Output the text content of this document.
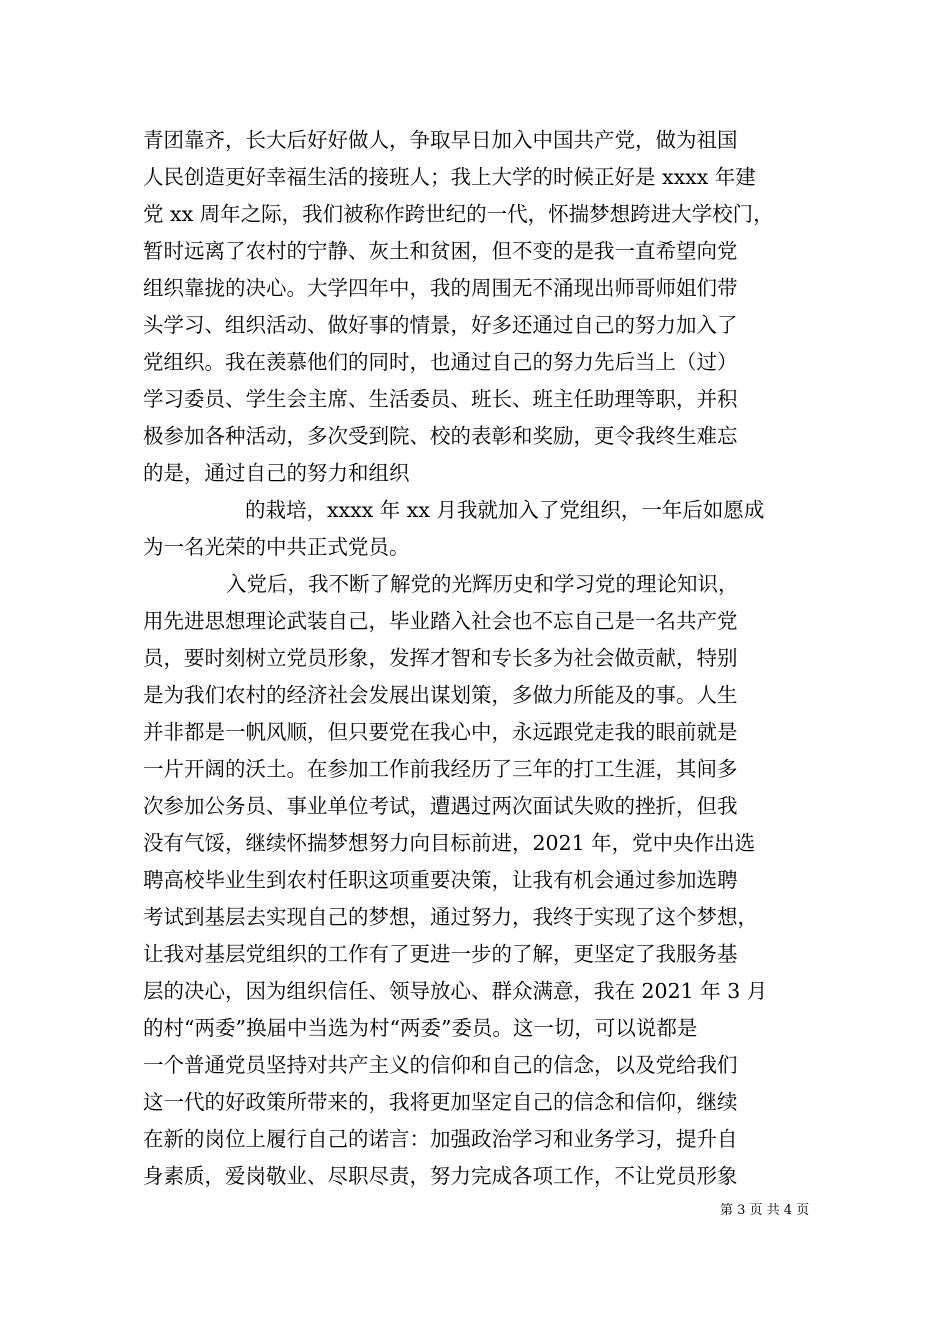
青团靠齐，长大后好好做人，争取早日加入中国共产党，做为祖国
人民创造更好幸福生活的接班人；我上大学的时候正好是 xxxx 年建
党 xx 周年之际，我们被称作跨世纪的一代，怀揣梦想跨进大学校门，
暂时远离了农村的宁静、灰土和贫困，但不变的是我一直希望向党
组织靠拢的决心。大学四年中，我的周围无不涌现出师哥师姐们带
头学习、组织活动、做好事的情景，好多还通过自己的努力加入了
党组织。我在羡慕他们的同时，也通过自己的努力先后当上（过）
学习委员、学生会主席、生活委员、班长、班主任助理等职，并积
极参加各种活动，多次受到院、校的表彰和奖励，更令我终生难忘
的是，通过自己的努力和组织
的栽培，xxxx 年 xx 月我就加入了党组织，一年后如愿成
为一名光荣的中共正式党员。
入党后，我不断了解党的光辉历史和学习党的理论知识，
用先进思想理论武装自己，毕业踏入社会也不忘自己是一名共产党
员，要时刻树立党员形象，发挥才智和专长多为社会做贡献，特别
是为我们农村的经济社会发展出谋划策，多做力所能及的事。人生
并非都是一帆风顺，但只要党在我心中，永远跟党走我的眼前就是
一片开阔的沃土。在参加工作前我经历了三年的打工生涯，其间多
次参加公务员、事业单位考试，遭遇过两次面试失败的挫折，但我
没有气馁，继续怀揣梦想努力向目标前进，2021 年，党中央作出选
聘高校毕业生到农村任职这项重要决策，让我有机会通过参加选聘
考试到基层去实现自己的梦想，通过努力，我终于实现了这个梦想，
让我对基层党组织的工作有了更进一步的了解，更坚定了我服务基
层的决心，因为组织信任、领导放心、群众满意，我在 2021 年 3 月
的村“两委”换届中当选为村“两委”委员。这一切，可以说都是
一个普通党员坚持对共产主义的信仰和自己的信念，以及党给我们
这一代的好政策所带来的，我将更加坚定自己的信念和信仰，继续
在新的岗位上履行自己的诺言：加强政治学习和业务学习，提升自
身素质，爱岗敬业、尽职尽责，努力完成各项工作，不让党员形象
第 3 页 共 4 页
